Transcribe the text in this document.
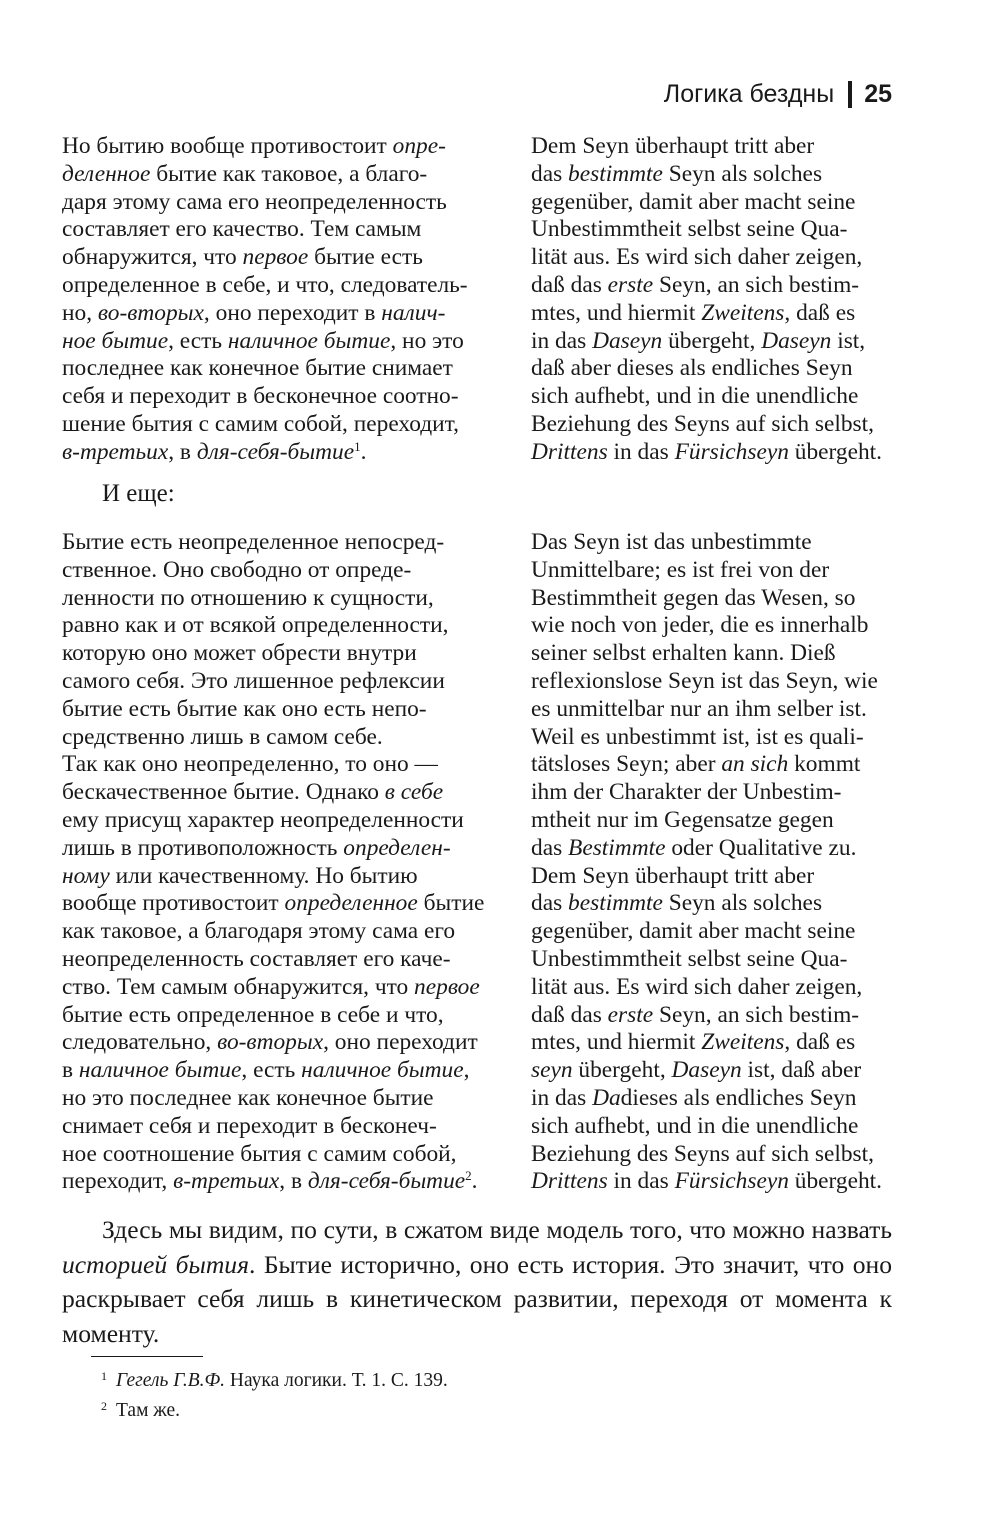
Логика бездны 25
Но бытию вообще противостоит опре-
деленное бытие как таковое, а благо-
даря этому сама его неопределенность
составляет его качество. Тем самым
обнаружится, что первое бытие есть
определенное в себе, и что, следователь-
но, во-вторых, оно переходит в налич-
ное бытие, есть наличное бытие, но это
последнее как конечное бытие снимает
себя и переходит в бесконечное соотно-
шение бытия с самим собой, переходит,
в-третьих, в для-себя-бытие$^1$.
Dem Seyn überhaupt tritt aber
das bestimmte Seyn als solches
gegenüber, damit aber macht seine
Unbestimmtheit selbst seine Qua-
lität aus. Es wird sich daher zeigen,
daß das erste Seyn, an sich bestim-
mtes, und hiermit Zweitens, daß es
in das Daseyn übergeht, Daseyn ist,
daß aber dieses als endliches Seyn
sich aufhebt, und in die unendliche
Beziehung des Seyns auf sich selbst,
Drittens in das Fürsichseyn übergeht.
И еще:
Бытие есть неопределенное непосред-
ственное. Оно свободно от опреде-
ленности по отношению к сущности,
равно как и от всякой определенности,
которую оно может обрести внутри
самого себя. Это лишенное рефлексии
бытие есть бытие как оно есть непо-
средственно лишь в самом себе.
Так как оно неопределенно, то оно —
бескачественное бытие. Однако в себе
ему присущ характер неопределенности
лишь в противоположность определен-
ному или качественному. Но бытию
вообще противостоит определенное бытие
как таковое, а благодаря этому сама его
неопределенность составляет его каче-
ство. Тем самым обнаружится, что первое
бытие есть определенное в себе и что,
следовательно, во-вторых, оно переходит
в наличное бытие, есть наличное бытие,
но это последнее как конечное бытие
снимает себя и переходит в бесконеч-
ное соотношение бытия с самим собой,
переходит, в-третьих, в для-себя-бытие$^2$.
Das Seyn ist das unbestimmte
Unmittelbare; es ist frei von der
Bestimmtheit gegen das Wesen, so
wie noch von jeder, die es innerhalb
seiner selbst erhalten kann. Dieß
reflexionslose Seyn ist das Seyn, wie
es unmittelbar nur an ihm selber ist.
Weil es unbestimmt ist, ist es quali-
tätsloses Seyn; aber an sich kommt
ihm der Charakter der Unbestim-
mtheit nur im Gegensatze gegen
das Bestimmte oder Qualitative zu.
Dem Seyn überhaupt tritt aber
das bestimmte Seyn als solches
gegenüber, damit aber macht seine
Unbestimmtheit selbst seine Qua-
lität aus. Es wird sich daher zeigen,
daß das erste Seyn, an sich bestim-
mtes, und hiermit Zweitens, daß es
seyn übergeht, Daseyn ist, daß aber
in das Dadieses als endliches Seyn
sich aufhebt, und in die unendliche
Beziehung des Seyns auf sich selbst,
Drittens in das Fürsichseyn übergeht.

Здесь мы видим, по сути, в сжатом виде модель того, что можно назвать историей бытия. Бытие исторично, оно есть история. Это значит, что оно раскрывает себя лишь в кинетическом развитии, переходя от момента к моменту.

$^1$ Гегель Г.В.Ф. Наука логики. Т. 1. С. 139.
$^2$ Там же.
